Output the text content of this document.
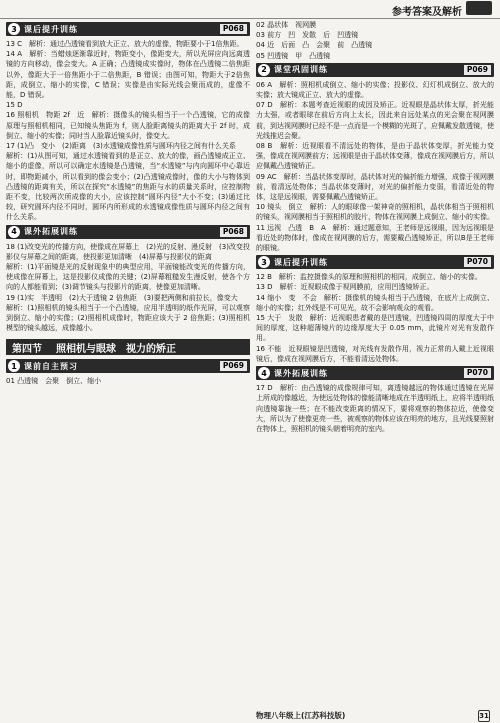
参考答案及解析
3 课后提升训练	P068

13 C　解析：通过凸透镜看到放大正立、放大的虚像，物距要小于1倍焦距。

14 A　解析：当蜡烛逐渐靠近时，物距变小，像距变大，所以光屏应向远离透镜的方向移动，像会变大。A 正确；凸透镜成实像时，物体在凸透镜二倍焦距以外，像距大于一倍焦距小于二倍焦距，B 错误；由图可知，物距大于2倍焦距，成倒立、缩小的实像，C 错误；实像是由实际光线会聚而成的，虚像不能，D 错误。

15 D

16 照相机　物距 2f　近　解析：摄像头的镜头相当于一个凸透镜，它的成像原理与照相机相同，已知镜头焦距为 f，则人脸距离镜头的距离大于 2f 时，成倒立、缩小的实像；同时当人脸靠近镜头时，像变大。

17 (1)凸　变小　(2)距离　(3)水透镜成像性质与圆环内径之间有什么关系

解析：(1)从图可知，通过水透镜看到的是正立、放大的像，画凸透镜成正立、缩小的虚像，所以可以确定水透镜是凸透镜，当“水透镜”与内向圆环中心靠近时，即物距减小，所以看到的像会变小；(2)凸透镜成像时，像的大小与物体到凸透镜的距离有关，所以在探究“水透镜”的焦距与水的质量关系时，应控制物距不变，比较两次所成像的大小，应该控制“圆环内径”大小不变；(3)通过比较，研究圆环内径不同时，圆环内所形成的水透镜成像性质与圆环内径之间有什么关系。

4 课外拓展训练	P068

18 (1)改变光的传播方向，使像成在屏幕上　(2)光的反射、漫反射　(3)改变投影仪与屏幕之间的距离，使投影更加清晰　(4)屏幕与投影仪的距离

解析：(1)平面镜是光的反射现象中的典型应用，平面镜能改变光的传播方向，使成像在屏幕上，这是投影仪成像的关键；(2)屏幕粗糙发生漫反射，使各个方向的人都能看到；(3)调节镜头与投影片的距离，使像更加清晰。

19 (1)实　半透明　(2)大于透镜 2 倍焦距　(3)要把两侧和前拉长，像变大

解析：(1)照相机的镜头相当于一个凸透镜，应用半透明的纸作光屏，可以观察到倒立、缩小的实像；(2)照相机成像时，物距应该大于 2 倍焦距；(3)照相机模型的镜头越远，成像越小。

第四节 照相机与眼球　视力的矫正
1 课前自主预习	P069

01 凸透镜　会聚　倒立、缩小

02 晶状体　视网膜

03 前方　凹　发散　后　凹透镜

04 近　后面　凸　会聚　前　凸透镜

05 凹透镜　甲　凸透镜

2 课堂巩固训练	P069

06 A　解析：照相机成倒立、缩小的实像；投影仪、幻灯机成倒立、放大的实像；放大镜成正立、放大的虚像。

07 D　解析：本题考查近视眼的成因及矫正。近视眼是晶状体太厚，折光能力太强，或者眼球在前后方向上太长，因此来自远处某点的光会聚在视网膜前，到达视网膜时已经不是一点而是一个模糊的光斑了，应佩戴发散透镜，使光线推迟会聚。

08 B　解析：近视眼看不清远处的物体，是由于晶状体变厚，折光能力变强，像成在视网膜前方；远视眼是由于晶状体变薄，像成在视网膜后方，所以应佩戴凸透镜矫正。

09 AC　解析：当晶状体变厚时，晶状体对光的偏折能力增强，成像于视网膜前，看清远处物体；当晶状体变薄时，对光的偏折能力变弱，看清近处的物体，这是远视眼，需要佩戴凸透镜矫正。

10 镜头　倒立　解析：人的眼球像一架神奇的照相机，晶状体相当于照相机的镜头，视网膜相当于照相机的胶片，物体在视网膜上成倒立、缩小的实像。

11 远视　凸透　B　A　解析：通过题意知，王老师是远视眼，因为远视眼是看近处的物体时，像成在视网膜的后方，需要戴凸透镜矫正，所以B是王老师的眼镜。

3 课后提升训练	P070

12 B　解析：监控摄像头的原理和照相机的相同，成倒立、缩小的实像。

13 D　解析：近视眼成像于视网膜前，应用凹透镜矫正。

14 缩小　变　不会　解析：摄像机的镜头相当于凸透镜，在底片上成倒立、缩小的实像；红外线是不可见光，故不会影响观众的观看。

15 大于　发散　解析：近视眼患者戴的是凹透镜，凹透镜四周的厚度大于中间的厚度，这种超薄镜片的边缘厚度大于 0.05 mm，此镜片对光有发散作用。

16 不能　近视眼镜是凹透镜，对光线有发散作用，视力正常的人戴上近视眼镜后，像成在视网膜后方，不能看清远处物体。

4 课外拓展训练	P070

17 D　解析：由凸透镜的成像规律可知，离透镜越远的物体通过透镜在光屏上所成的像越近，为使远处物体的像能清晰地成在半透明纸上，应将半透明纸向透镜靠拢一些；在不能改变距离的情况下，要将观察的物体拉近，使像变大，所以为了使像更亮一些，被观察的物体应该在明亮的地方，且光线要照射在物体上，照相机的镜头朝着明亮的室内。

物理八年级上(江苏科技版)	31
